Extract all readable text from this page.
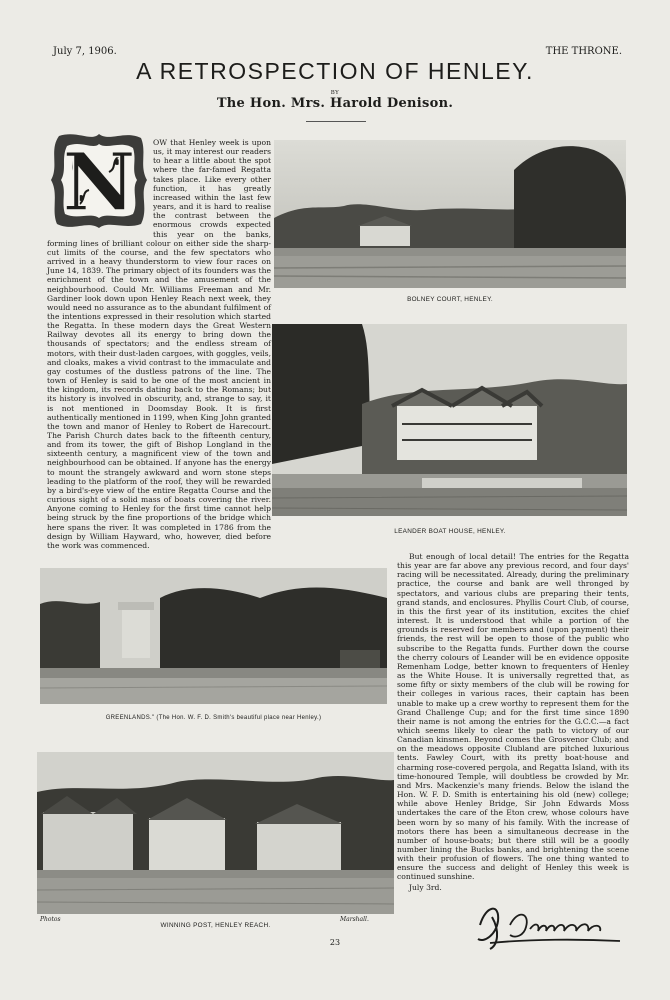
July 7, 1906.	THE THRONE.
A RETROSPECTION OF HENLEY.
BY
The Hon. Mrs. Harold Denison.
N	OW that Henley week is upon us, it may interest our readers to hear a little about the spot where the far-famed Regatta takes place. Like every other function, it has greatly increased within the last few years, and it is hard to realise the contrast between the enormous crowds expected this year on the banks, forming lines of brilliant colour on either side the sharp-cut limits of the course, and the few spectators who arrived in a heavy thunderstorm to view four races on June 14, 1839. The primary object of its founders was the enrichment of the town and the amusement of the neighbourhood. Could Mr. Williams Freeman and Mr. Gardiner look down upon Henley Reach next week, they would need no assurance as to the abundant fulfilment of the intentions expressed in their resolution which started the Regatta. In these modern days the Great Western Railway devotes all its energy to bring down the thousands of spectators; and the endless stream of motors, with their dust-laden cargoes, with goggles, veils, and cloaks, makes a vivid contrast to the immaculate and gay costumes of the dustless patrons of the line. The town of Henley is said to be one of the most ancient in the kingdom, its records dating back to the Romans; but its history is involved in obscurity, and, strange to say, it is not mentioned in Doomsday Book. It is first authentically mentioned in 1199, when King John granted the town and manor of Henley to Robert de Harecourt. The Parish Church dates back to the fifteenth century, and from its tower, the gift of Bishop Longland in the sixteenth century, a magnificent view of the town and neighbourhood can be obtained. If anyone has the energy to mount the strangely awkward and worn stone steps leading to the platform of the roof, they will be rewarded by a bird's-eye view of the entire Regatta Course and the curious sight of a solid mass of boats covering the river. Anyone coming to Henley for the first time cannot help being struck by the fine proportions of the bridge which here spans the river. It was completed in 1786 from the design by William Hayward, who, however, died before the work was commenced.

BOLNEY COURT, HENLEY.
LEANDER BOAT HOUSE, HENLEY.
GREENLANDS." (The Hon. W. F. D. Smith's beautiful place near Henley.)
Photos	Marshall.
WINNING POST, HENLEY REACH.

But enough of local detail! The entries for the Regatta this year are far above any previous record, and four days' racing will be necessitated. Already, during the preliminary practice, the course and bank are well thronged by spectators, and various clubs are preparing their tents, grand stands, and enclosures. Phyllis Court Club, of course, in this the first year of its institution, excites the chief interest. It is understood that while a portion of the grounds is reserved for members and (upon payment) their friends, the rest will be open to those of the public who subscribe to the Regatta funds. Further down the course the cherry colours of Leander will be en evidence opposite Remenham Lodge, better known to frequenters of Henley as the White House. It is universally regretted that, as some fifty or sixty members of the club will be rowing for their colleges in various races, their captain has been unable to make up a crew worthy to represent them for the Grand Challenge Cup; and for the first time since 1890 their name is not among the entries for the G.C.C.—a fact which seems likely to clear the path to victory of our Canadian kinsmen. Beyond comes the Grosvenor Club; and on the meadows opposite Clubland are pitched luxurious tents. Fawley Court, with its pretty boat-house and charming rose-covered pergola, and Regatta Island, with its time-honoured Temple, will doubtless be crowded by Mr. and Mrs. Mackenzie's many friends. Below the island the Hon. W. F. D. Smith is entertaining his old (new) college; while above Henley Bridge, Sir John Edwards Moss undertakes the care of the Eton crew, whose colours have been worn by so many of his family. With the increase of motors there has been a simultaneous decrease in the number of house-boats; but there still will be a goodly number lining the Bucks banks, and brightening the scene with their profusion of flowers. The one thing wanted to ensure the success and delight of Henley this week is continued sunshine.

July 3rd.

23
